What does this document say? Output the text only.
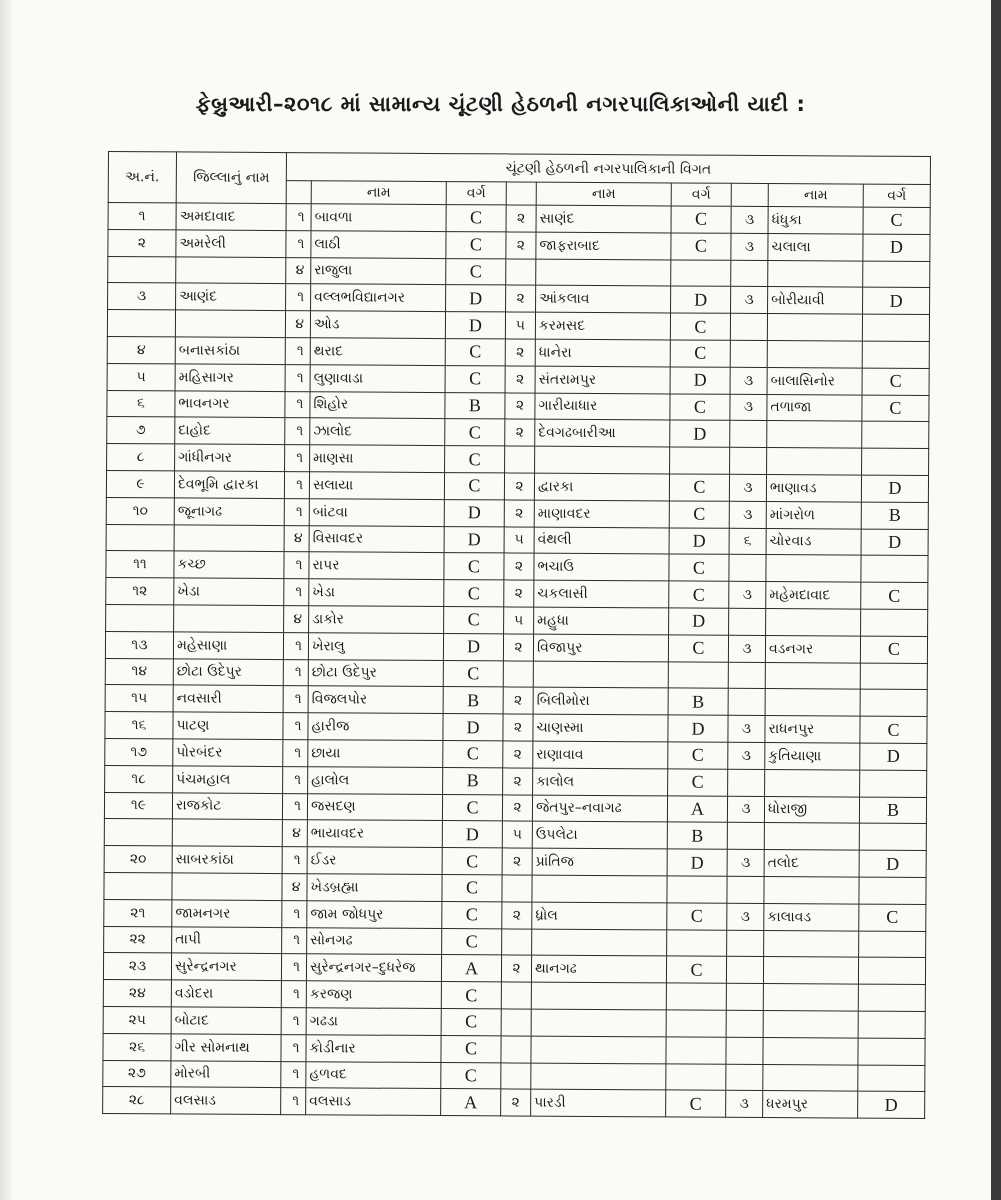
ફેબ્રુઆરી–૨૦૧૮ માં સામાન્ય ચૂંટણી હેઠળની નગરપાલિકાઓની યાદી :
અ.નં.	જિલ્લાનું નામ	ચૂંટણી હેઠળની નગરપાલિકાની વિગત								
			નામ	વર્ગ		નામ	વર્ગ		નામ	વર્ગ
૧	અમદાવાદ	૧	બાવળા	C	૨	સાણંદ	C	૩	ધંધુકા	C
૨	અમરેલી	૧	લાઠી	C	૨	જાફરાબાદ	C	૩	ચલાલા	D
		૪	રાજુલા	C						
૩	આણંદ	૧	વલ્લભવિદ્યાનગર	D	૨	આંકલાવ	D	૩	બોરીયાવી	D
		૪	ઓડ	D	૫	કરમસદ	C			
૪	બનાસકાંઠા	૧	થરાદ	C	૨	ધાનેરા	C			
૫	મહિસાગર	૧	લુણાવાડા	C	૨	સંતરામપુર	D	૩	બાલાસિનોર	C
૬	ભાવનગર	૧	શિહોર	B	૨	ગારીયાધાર	C	૩	તળાજા	C
૭	દાહોદ	૧	ઝાલોદ	C	૨	દેવગઢબારીઆ	D			
૮	ગાંધીનગર	૧	માણસા	C						
૯	દેવભૂમિ દ્વારકા	૧	સલાયા	C	૨	દ્વારકા	C	૩	ભાણાવડ	D
૧૦	જૂનાગઢ	૧	બાંટવા	D	૨	માણાવદર	C	૩	માંગરોળ	B
		૪	વિસાવદર	D	૫	વંથલી	D	૬	ચોરવાડ	D
૧૧	કચ્છ	૧	રાપર	C	૨	ભચાઉ	C			
૧૨	ખેડા	૧	ખેડા	C	૨	ચકલાસી	C	૩	મહેમદાવાદ	C
		૪	ડાકોર	C	૫	મહુધા	D			
૧૩	મહેસાણા	૧	ખેરાલુ	D	૨	વિજાપુર	C	૩	વડનગર	C
૧૪	છોટા ઉદેપુર	૧	છોટા ઉદેપુર	C						
૧૫	નવસારી	૧	વિજલપોર	B	૨	બિલીમોરા	B			
૧૬	પાટણ	૧	હારીજ	D	૨	ચાણસ્મા	D	૩	રાધનપુર	C
૧૭	પોરબંદર	૧	છાયા	C	૨	રાણાવાવ	C	૩	કુતિયાણા	D
૧૮	પંચમહાલ	૧	હાલોલ	B	૨	કાલોલ	C			
૧૯	રાજકોટ	૧	જસદણ	C	૨	જેતપુર–નવાગઢ	A	૩	ધોરાજી	B
		૪	ભાયાવદર	D	૫	ઉપલેટા	B			
૨૦	સાબરકાંઠા	૧	ઈડર	C	૨	પ્રાંતિજ	D	૩	તલોદ	D
		૪	ખેડબ્રહ્મા	C						
૨૧	જામનગર	૧	જામ જોધપુર	C	૨	ધ્રોલ	C	૩	કાલાવડ	C
૨૨	તાપી	૧	સોનગઢ	C						
૨૩	સુરેન્દ્રનગર	૧	સુરેન્દ્રનગર–દુધરેજ	A	૨	થાનગઢ	C			
૨૪	વડોદરા	૧	કરજણ	C						
૨૫	બોટાદ	૧	ગઢડા	C						
૨૬	ગીર સોમનાથ	૧	કોડીનાર	C						
૨૭	મોરબી	૧	હળવદ	C						
૨૮	વલસાડ	૧	વલસાડ	A	૨	પારડી	C	૩	ધરમપુર	D
